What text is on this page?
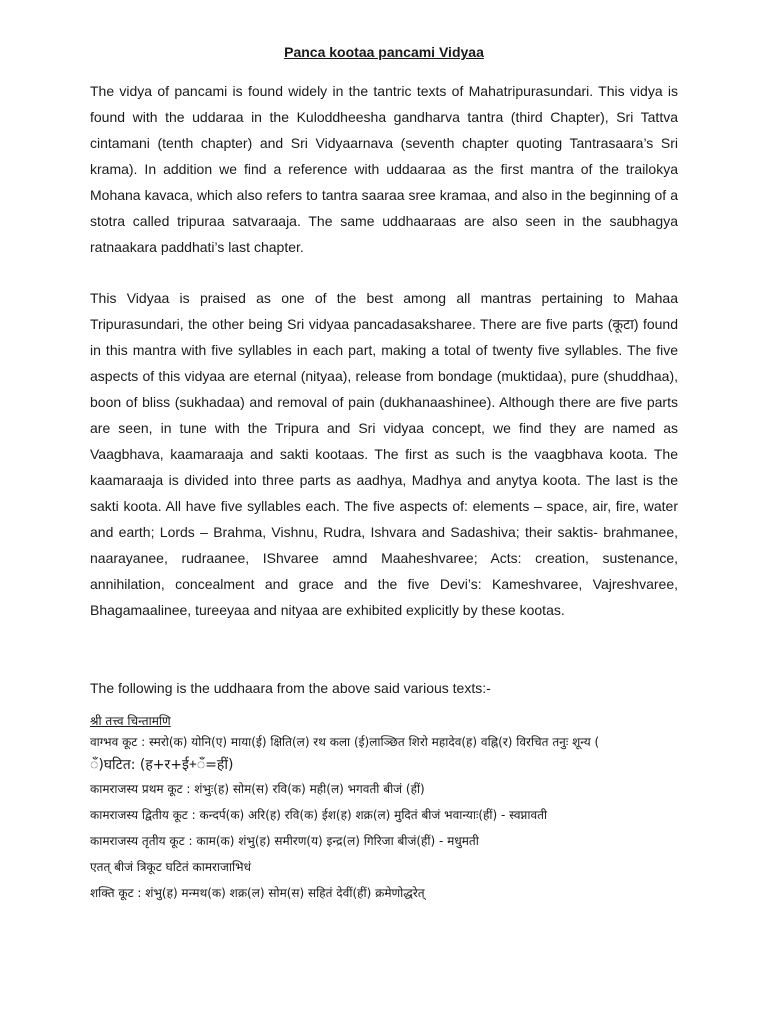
Panca kootaa pancami Vidyaa
The vidya of pancami is found widely in the tantric texts of Mahatripurasundari. This vidya is found with the uddaraa in the Kuloddheesha gandharva tantra (third Chapter), Sri Tattva cintamani (tenth chapter) and Sri Vidyaarnava (seventh chapter quoting Tantrasaara’s Sri krama). In addition we find a reference with uddaaraa as the first mantra of the trailokya Mohana kavaca, which also refers to tantra saaraa sree kramaa, and also in the beginning of a stotra called tripuraa satvaraaja. The same uddhaaraas are also seen in the saubhagya ratnaakara paddhati’s last chapter.
This Vidyaa is praised as one of the best among all mantras pertaining to Mahaa Tripurasundari, the other being Sri vidyaa pancadasaksharee. There are five parts (कूटा) found in this mantra with five syllables in each part, making a total of twenty five syllables. The five aspects of this vidyaa are eternal (nityaa), release from bondage (muktidaa), pure (shuddhaa), boon of bliss (sukhadaa) and removal of pain (dukhanaashinee). Although there are five parts are seen, in tune with the Tripura and Sri vidyaa concept, we find they are named as Vaagbhava, kaamaraaja and sakti kootaas. The first as such is the vaagbhava koota. The kaamaraaja is divided into three parts as aadhya, Madhya and anytya koota. The last is the sakti koota. All have five syllables each. The five aspects of: elements – space, air, fire, water and earth; Lords – Brahma, Vishnu, Rudra, Ishvara and Sadashiva; their saktis- brahmanee, naarayanee, rudraanee, IShvaree amnd Maaheshvaree; Acts: creation, sustenance, annihilation, concealment and grace and the five Devi’s: Kameshvaree, Vajreshvaree, Bhagamaalinee, tureeyaa and nityaa are exhibited explicitly by these kootas.
The following is the uddhaara from the above said various texts:-
श्री तत्त्व चिन्तामणि
वाग्भव कूट : स्मरो(क) योनि(ए) माया(ई) क्षिति(ल) रथ कला (ई)लाञ्छित शिरो महादेव(ह) वह्नि(र) विरचित तनुः शून्य (
ँ)घटित: (ह+र+ई+ँ=हीं)
कामराजस्य प्रथम कूट : शंभुः(ह) सोम(स) रवि(क) मही(ल) भगवती बीजं (हीं)
कामराजस्य द्वितीय कूट : कन्दर्प(क) अरि(ह) रवि(क) ईश(ह) शक्र(ल) मुदितं बीजं भवान्याः(हीं) - स्वप्नावती
कामराजस्य तृतीय कूट : काम(क) शंभु(ह) समीरण(य) इन्द्र(ल) गिरिजा बीजं(हीं) - मधुमती
एतत् बीजं त्रिकूट घटितं कामराजाभिधं
शक्ति कूट : शंभु(ह) मन्मथ(क) शक्र(ल) सोम(स) सहितं देवीं(हीं) क्रमेणोद्धरेत्
